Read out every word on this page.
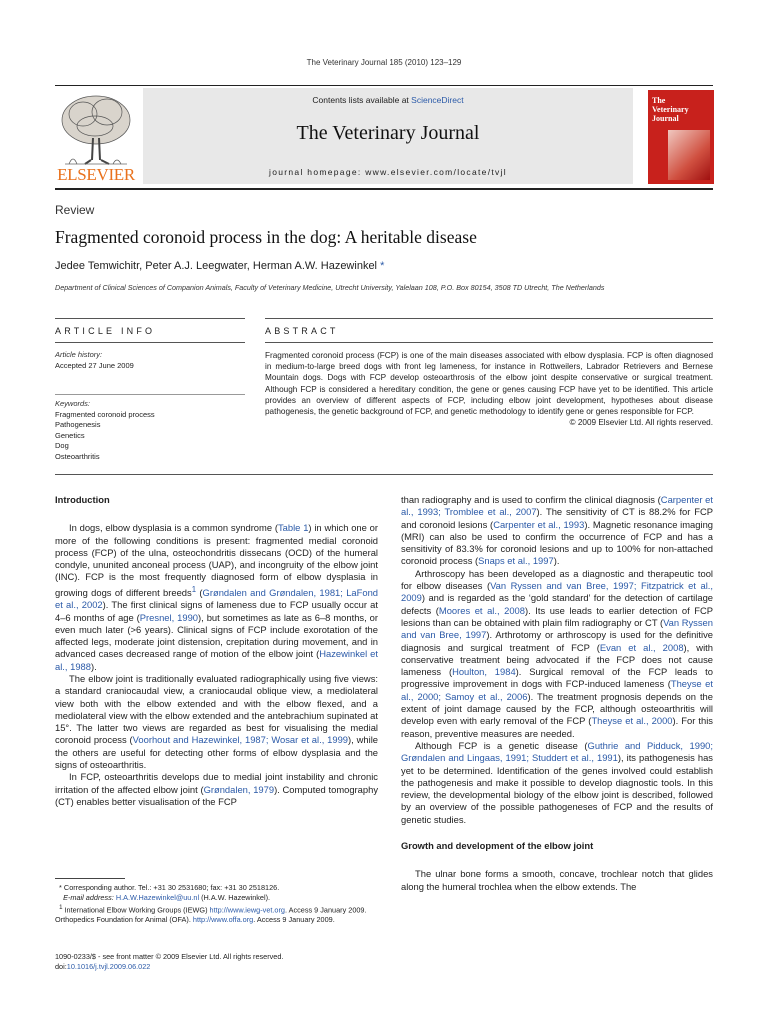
The Veterinary Journal 185 (2010) 123–129
ELSEVIER
Contents lists available at ScienceDirect
The Veterinary Journal
journal homepage: www.elsevier.com/locate/tvjl
The
Veterinary
Journal
Review
Fragmented coronoid process in the dog: A heritable disease
Jedee Temwichitr, Peter A.J. Leegwater, Herman A.W. Hazewinkel *
Department of Clinical Sciences of Companion Animals, Faculty of Veterinary Medicine, Utrecht University, Yalelaan 108, P.O. Box 80154, 3508 TD Utrecht, The Netherlands
ARTICLE INFO	ABSTRACT
Article history:
Accepted 27 June 2009
Keywords:
Fragmented coronoid process
Pathogenesis
Genetics
Dog
Osteoarthritis
Fragmented coronoid process (FCP) is one of the main diseases associated with elbow dysplasia. FCP is often diagnosed in medium-to-large breed dogs with front leg lameness, for instance in Rottweilers, Labrador Retrievers and Bernese Mountain dogs. Dogs with FCP develop osteoarthrosis of the elbow joint despite conservative or surgical treatment. Although FCP is considered a hereditary condition, the gene or genes causing FCP have yet to be identified. This article provides an overview of different aspects of FCP, including elbow joint development, hypotheses about disease pathogenesis, the genetic background of FCP, and genetic methodology to identify gene or genes responsible for FCP.
© 2009 Elsevier Ltd. All rights reserved.
Introduction

In dogs, elbow dysplasia is a common syndrome (Table 1) in which one or more of the following conditions is present: fragmented medial coronoid process (FCP) of the ulna, osteochondritis dissecans (OCD) of the humeral condyle, ununited anconeal process (UAP), and incongruity of the elbow joint (INC). FCP is the most frequently diagnosed form of elbow dysplasia in growing dogs of different breeds$^1$ (Grøndalen and Grøndalen, 1981; LaFond et al., 2002). The first clinical signs of lameness due to FCP usually occur at 4–6 months of age (Presnel, 1990), but sometimes as late as 6–8 months, or even much later (>6 years). Clinical signs of FCP include exorotation of the affected legs, moderate joint distension, crepitation during movement, and in advanced cases decreased range of motion of the elbow joint (Hazewinkel et al., 1988).

The elbow joint is traditionally evaluated radiographically using five views: a standard craniocaudal view, a craniocaudal oblique view, a mediolateral view both with the elbow extended and with the elbow flexed, and a mediolateral view with the elbow extended and the antebrachium supinated at 15°. The latter two views are regarded as best for visualising the medial coronoid process (Voorhout and Hazewinkel, 1987; Wosar et al., 1999), while the others are useful for detecting other forms of elbow dysplasia and the signs of osteoarthritis.

In FCP, osteoarthritis develops due to medial joint instability and chronic irritation of the affected elbow joint (Grøndalen, 1979). Computed tomography (CT) enables better visualisation of the FCP

* Corresponding author. Tel.: +31 30 2531680; fax: +31 30 2518126.

E-mail address: H.A.W.Hazewinkel@uu.nl (H.A.W. Hazewinkel).

$^1$ International Elbow Working Groups (IEWG) http://www.iewg-vet.org. Access 9 January 2009. Orthopedics Foundation for Animal (OFA). http://www.offa.org. Access 9 January 2009.

1090-0233/$ - see front matter © 2009 Elsevier Ltd. All rights reserved.
doi:10.1016/j.tvjl.2009.06.022

than radiography and is used to confirm the clinical diagnosis (Carpenter et al., 1993; Tromblee et al., 2007). The sensitivity of CT is 88.2% for FCP and coronoid lesions (Carpenter et al., 1993). Magnetic resonance imaging (MRI) can also be used to confirm the occurrence of FCP and has a sensitivity of 83.3% for coronoid lesions and up to 100% for non-attached coronoid process (Snaps et al., 1997).

Arthroscopy has been developed as a diagnostic and therapeutic tool for elbow diseases (Van Ryssen and van Bree, 1997; Fitzpatrick et al., 2009) and is regarded as the ‘gold standard’ for the detection of cartilage defects (Moores et al., 2008). Its use leads to earlier detection of FCP lesions than can be obtained with plain film radiography or CT (Van Ryssen and van Bree, 1997). Arthrotomy or arthroscopy is used for the definitive diagnosis and surgical treatment of FCP (Evan et al., 2008), with conservative treatment being advocated if the FCP does not cause lameness (Houlton, 1984). Surgical removal of the FCP leads to progressive improvement in dogs with FCP-induced lameness (Theyse et al., 2000; Samoy et al., 2006). The treatment prognosis depends on the extent of joint damage caused by the FCP, although osteoarthritis will develop even with early removal of the FCP (Theyse et al., 2000). For this reason, preventive measures are needed.

Although FCP is a genetic disease (Guthrie and Pidduck, 1990; Grøndalen and Lingaas, 1991; Studdert et al., 1991), its pathogenesis has yet to be determined. Identification of the genes involved could establish the pathogenesis and make it possible to develop diagnostic tools. In this review, the developmental biology of the elbow joint is described, followed by an overview of the possible pathogeneses of FCP and the results of genetic studies.

Growth and development of the elbow joint

The ulnar bone forms a smooth, concave, trochlear notch that glides along the humeral trochlea when the elbow extends. The
